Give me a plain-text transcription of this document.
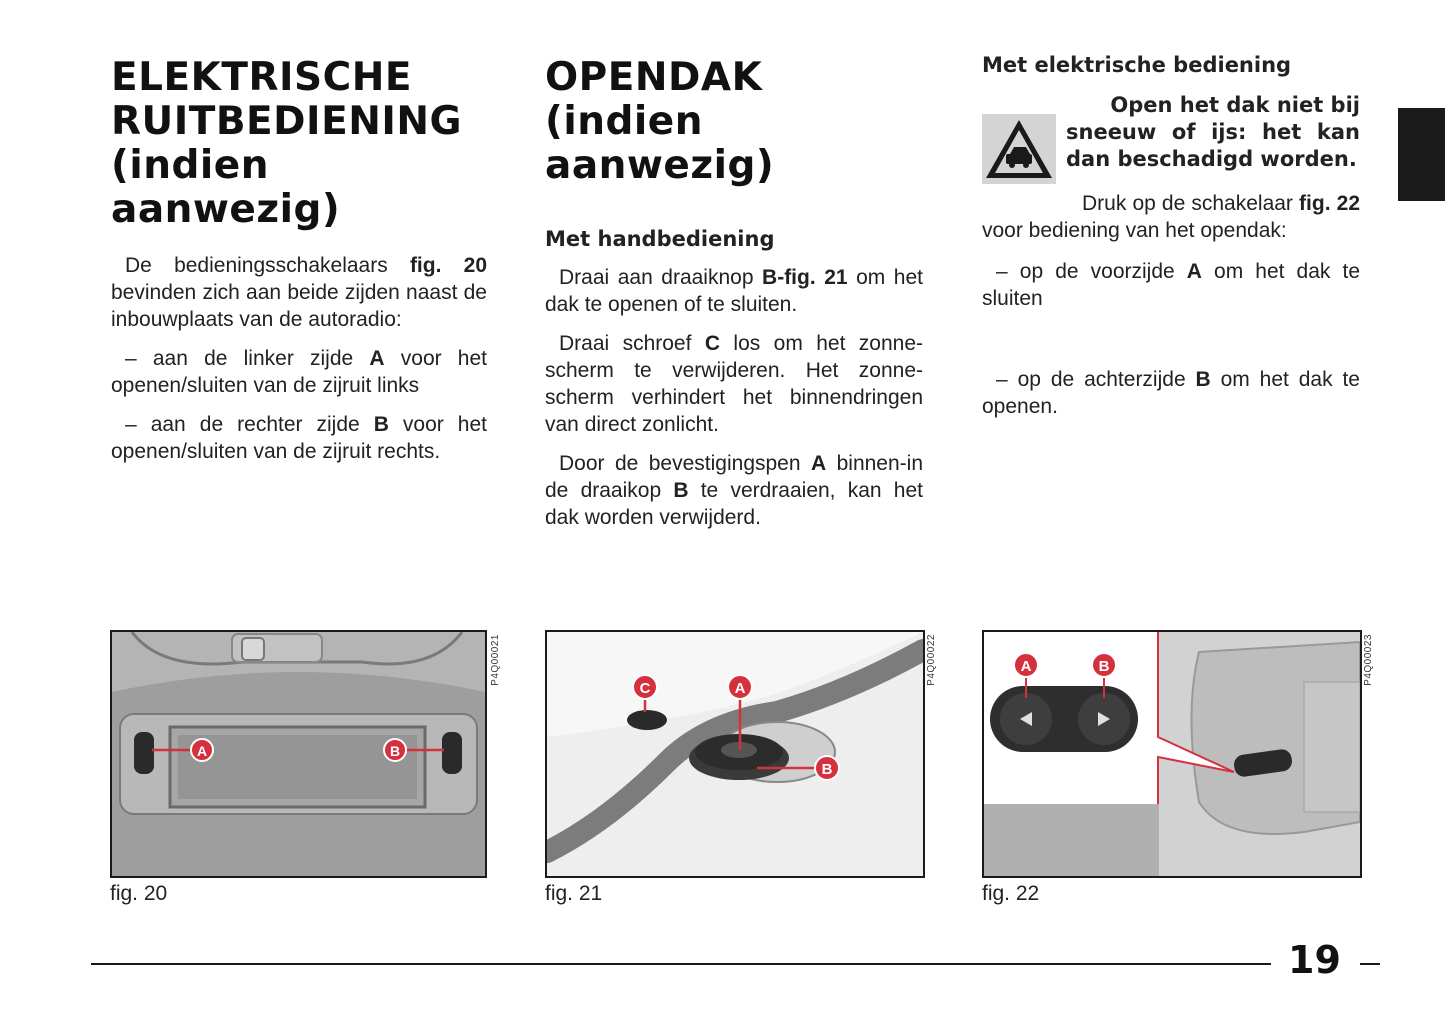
ELEKTRISCHE
RUITBEDIENING
(indien
aanwezig)

De bedieningsschakelaars fig. 20 bevinden zich aan beide zijden naast de inbouwplaats van de autoradio:

– aan de linker zijde A voor het openen/sluiten van de zijruit links

– aan de rechter zijde B voor het openen/sluiten van de zijruit rechts.

OPENDAK
(indien
aanwezig)
Met handbediening

Draai aan draaiknop B-fig. 21 om het dak te openen of te sluiten.

Draai schroef C los om het zonne-scherm te verwijderen. Het zonne-scherm verhindert het binnendringen van direct zonlicht.

Door de bevestigingspen A binnen-in de draaikop B te verdraaien, kan het dak worden verwijderd.

Met elektrische bediening
Open het dak niet bij
sneeuw of ijs: het kan dan beschadigd worden.

Druk op de schakelaar fig. 22 voor bediening van het opendak:

– op de voorzijde A om het dak te sluiten

– op de achterzijde B om het dak te openen.

A	B
P4Q00021
fig. 20
C	A
B
P4Q00022
fig. 21
A	B	P4Q00023
fig. 22
19
